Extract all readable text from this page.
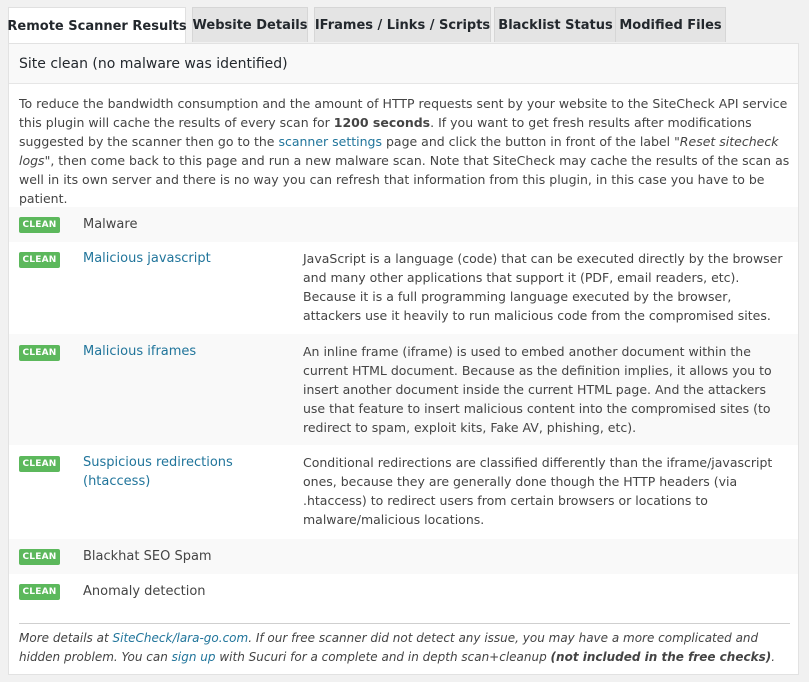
Remote Scanner Results Website Details IFrames / Links / Scripts Blacklist Status Modified Files
Site clean (no malware was identified)
To reduce the bandwidth consumption and the amount of HTTP requests sent by your website to the SiteCheck API service this plugin will cache the results of every scan for 1200 seconds. If you want to get fresh results after modifications suggested by the scanner then go to the scanner settings page and click the button in front of the label "Reset sitecheck logs", then come back to this page and run a new malware scan. Note that SiteCheck may cache the results of the scan as well in its own server and there is no way you can refresh that information from this plugin, in this case you have to be patient.
CLEAN Malware
CLEAN Malicious javascript	JavaScript is a language (code) that can be executed directly by the browser and many other applications that support it (PDF, email readers, etc). Because it is a full programming language executed by the browser, attackers use it heavily to run malicious code from the compromised sites.
CLEAN Malicious iframes	An inline frame (iframe) is used to embed another document within the current HTML document. Because as the definition implies, it allows you to insert another document inside the current HTML page. And the attackers use that feature to insert malicious content into the compromised sites (to redirect to spam, exploit kits, Fake AV, phishing, etc).
CLEAN Suspicious redirections (htaccess)
Conditional redirections are classified differently than the iframe/javascript ones, because they are generally done though the HTTP headers (via .htaccess) to redirect users from certain browsers or locations to malware/malicious locations.
CLEAN Blackhat SEO Spam
CLEAN Anomaly detection
More details at SiteCheck/lara-go.com. If our free scanner did not detect any issue, you may have a more complicated and hidden problem. You can sign up with Sucuri for a complete and in depth scan+cleanup (not included in the free checks).
